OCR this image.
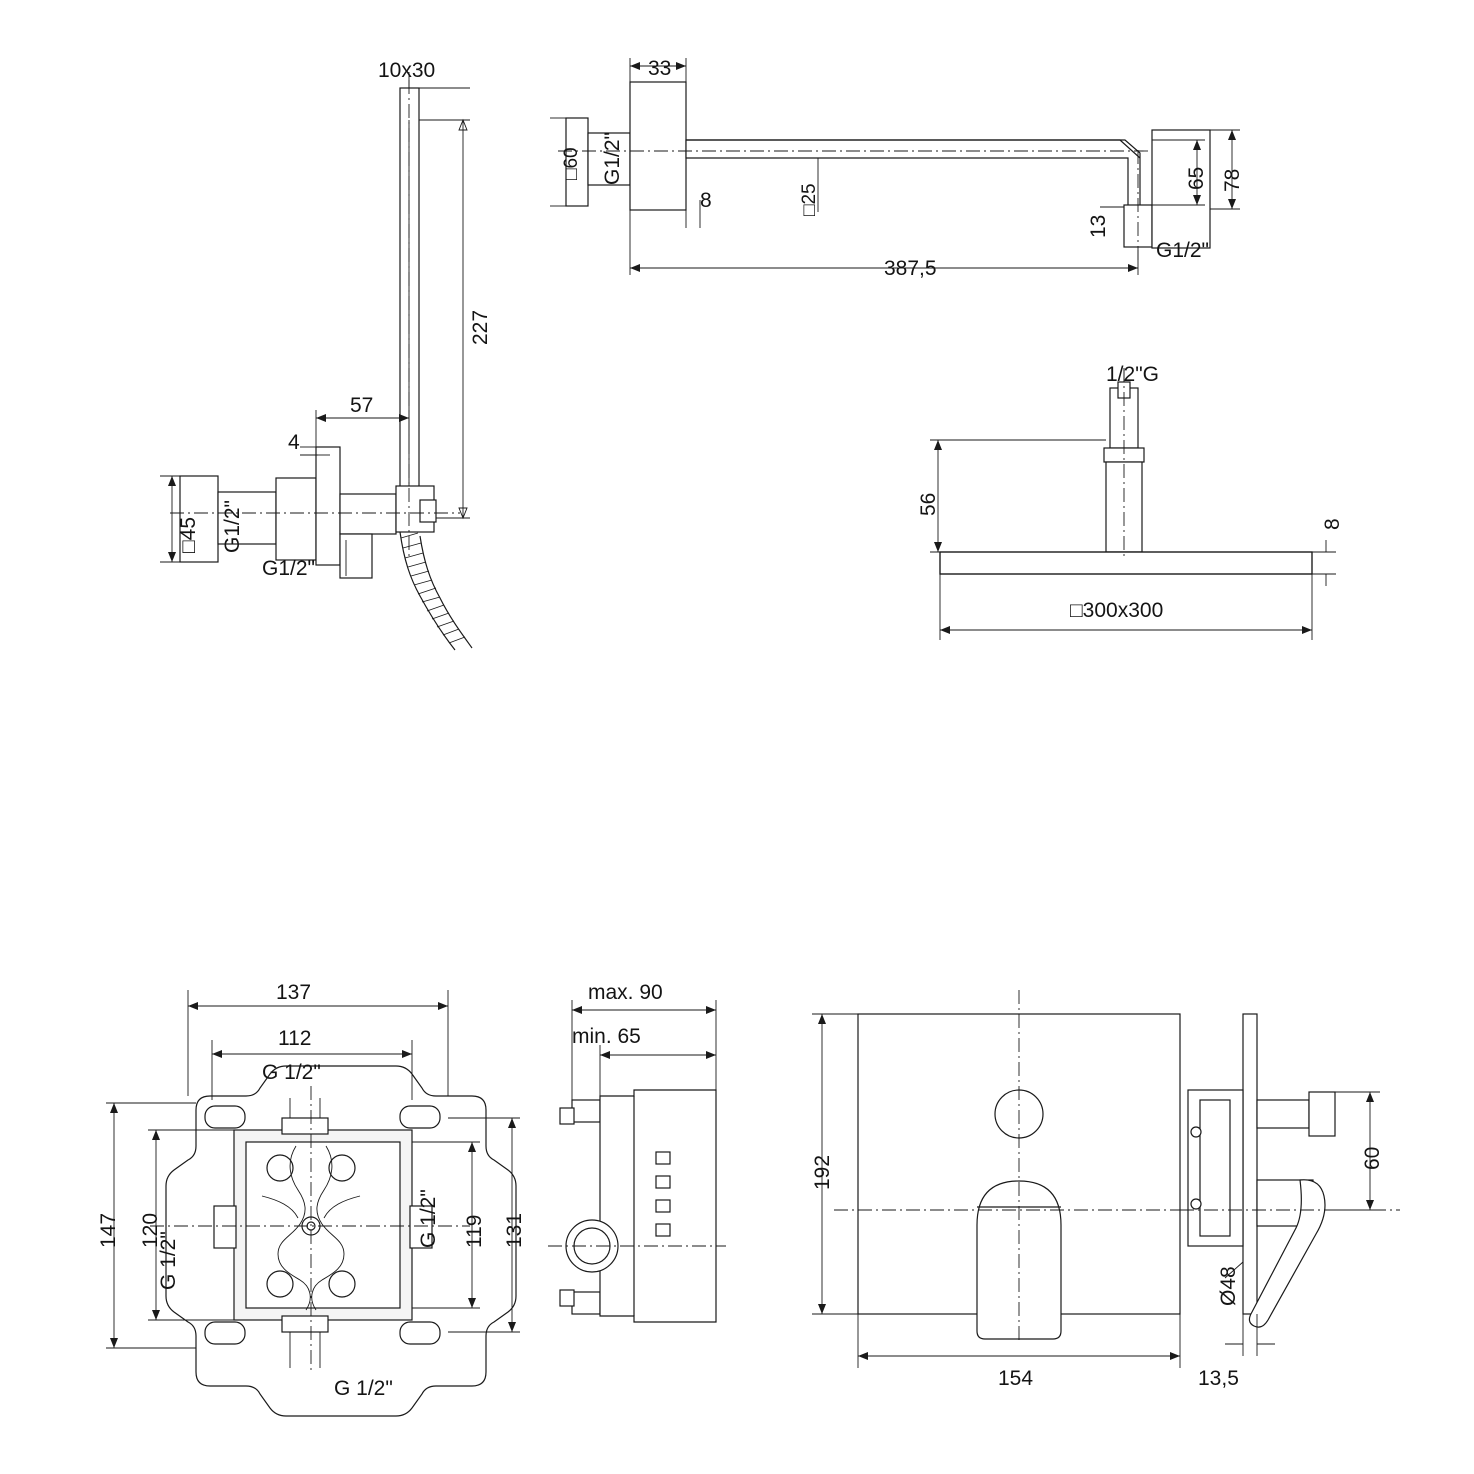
10x30
227
57
4
□45 G1/2"
G1/2"
33
□60 G1/2"
8	□25
387,5
65 78
13
G1/2"
1/2"G
56
8
□300x300
137
112
G 1/2"
G 1/2"
G 1/2"
G 1/2"
147 120	119 131
max. 90
min. 65
192
154
60
Ø48
13,5
